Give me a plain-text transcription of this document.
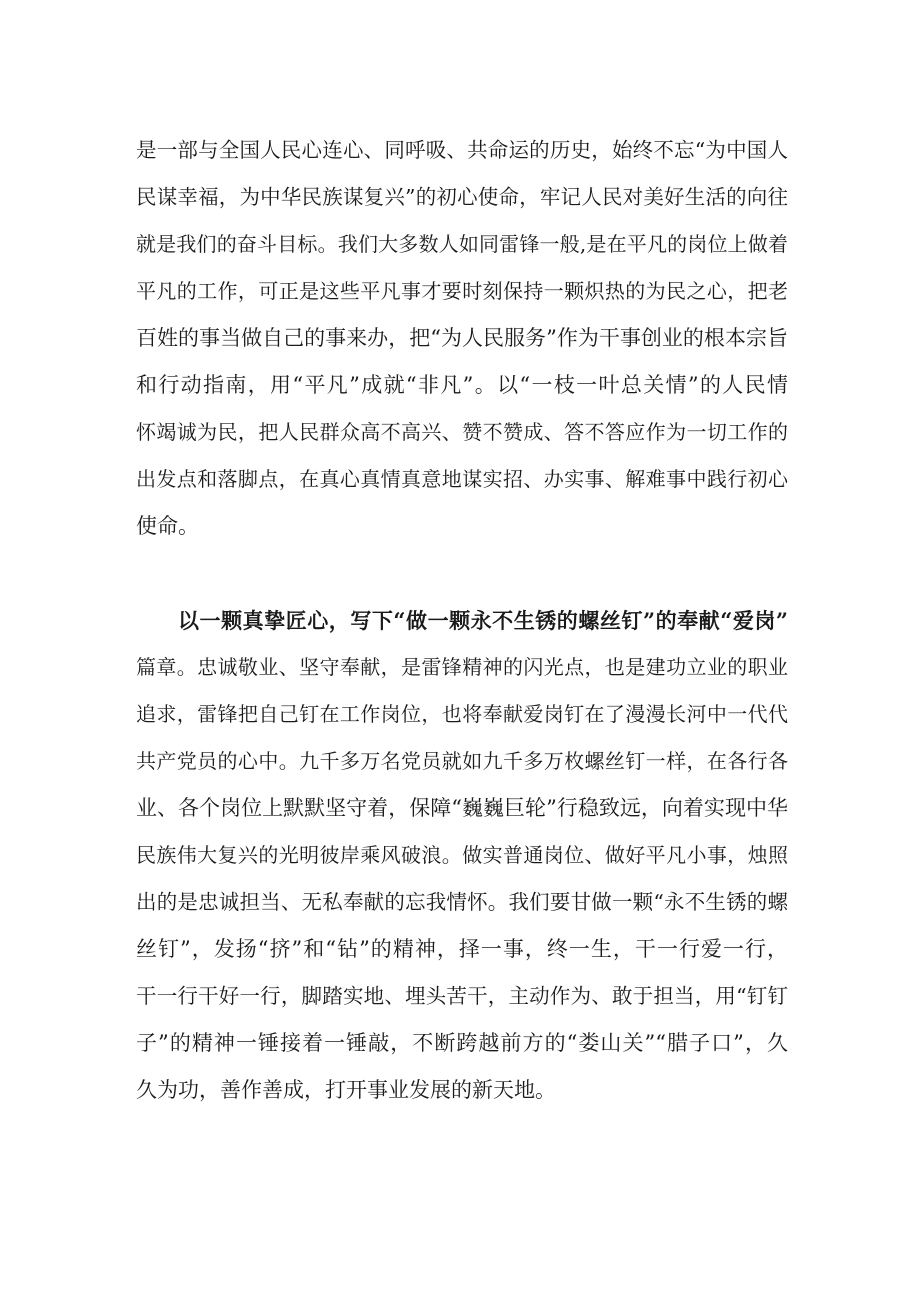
是一部与全国人民心连心、同呼吸、共命运的历史，始终不忘“为中国人
民谋幸福，为中华民族谋复兴”的初心使命，牢记人民对美好生活的向往
就是我们的奋斗目标。我们大多数人如同雷锋一般,是在平凡的岗位上做着
平凡的工作，可正是这些平凡事才要时刻保持一颗炽热的为民之心，把老
百姓的事当做自己的事来办，把“为人民服务”作为干事创业的根本宗旨
和行动指南，用“平凡”成就“非凡”。以“一枝一叶总关情”的人民情
怀竭诚为民，把人民群众高不高兴、赞不赞成、答不答应作为一切工作的
出发点和落脚点，在真心真情真意地谋实招、办实事、解难事中践行初心
使命。
以一颗真挚匠心，写下“做一颗永不生锈的螺丝钉”的奉献“爱岗”
篇章。忠诚敬业、坚守奉献，是雷锋精神的闪光点，也是建功立业的职业
追求，雷锋把自己钉在工作岗位，也将奉献爱岗钉在了漫漫长河中一代代
共产党员的心中。九千多万名党员就如九千多万枚螺丝钉一样，在各行各
业、各个岗位上默默坚守着，保障“巍巍巨轮”行稳致远，向着实现中华
民族伟大复兴的光明彼岸乘风破浪。做实普通岗位、做好平凡小事，烛照
出的是忠诚担当、无私奉献的忘我情怀。我们要甘做一颗“永不生锈的螺
丝钉”，发扬“挤”和“钻”的精神，择一事，终一生，干一行爱一行，
干一行干好一行，脚踏实地、埋头苦干，主动作为、敢于担当，用“钉钉
子”的精神一锤接着一锤敲，不断跨越前方的“娄山关”“腊子口”，久
久为功，善作善成，打开事业发展的新天地。
